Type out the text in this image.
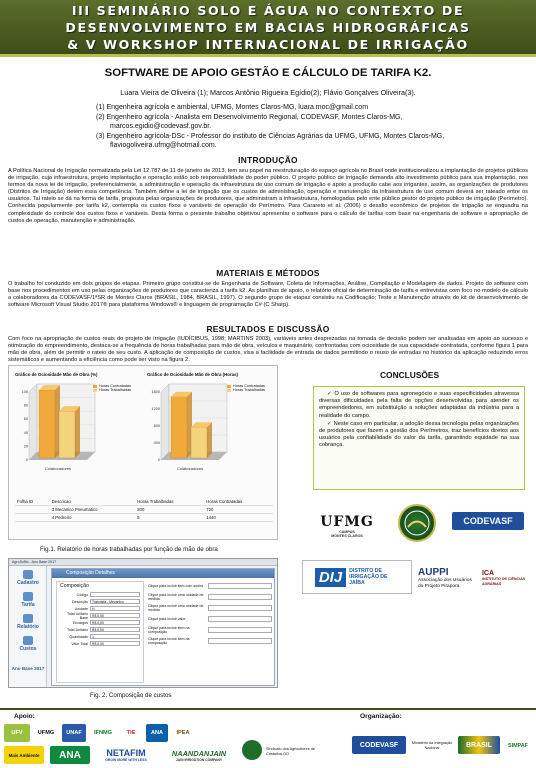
III SEMINÁRIO SOLO E ÁGUA NO CONTEXTO DE
DESENVOLVIMENTO EM BACIAS HIDROGRÁFICAS
& V WORKSHOP INTERNACIONAL DE IRRIGAÇÃO
SOFTWARE DE APOIO GESTÃO E CÁLCULO DE TARIFA K2.
Luara Vieira de Oliveira (1); Marcos Antônio Rigueira Egídio(2); Flávio Gonçalves Oliveira(3).

(1) Engenheira agrícola e ambiental, UFMG, Montes Claros-MG, luara.moc@gmail.com

(2) Engenheiro agrícola - Analista em Desenvolvimento Regional, CODEVASF, Montes Claros-MG,

marcos.egidio@codevasf.gov.br.

(3) Engenheiro agrícola-DSc - Professor do instituto de Ciências Agrárias da UFMG, UFMG, Montes Claros-MG,

flaviogoliveira.ufmg@hotmail.com.

INTRODUÇÃO
A Política Nacional de Irrigação normatizada pela Lei 12.787 de 11 de janeiro de 2013, tem seu papel na reestruturação do espaço agrícola no Brasil onde institucionalizou a implantação de projetos públicos de irrigação, cuja infraestrutura, projeto implantação e operação estão sob responsabilidade do poder público. O projeto público de irrigação demanda alto investimento público para sua implantação, nos termos da nova lei de irrigação, preferencialmente, a administração e operação da infraestrutura de uso comum de irrigação e apoio a produção cabe aos irrigantes, assim, as organizações de produtores (Distritos de Irrigação) detém essa competência. Também define a lei de irrigação que os custos de administração, operação e manutenção da infraestrutura de uso comum deverá ser rateado entre os usuários. Tal rateio se dá na forma de tarifa, proposta pelas organizações de produtores, que administram a infraestrutura, homologadas pelo ente público gestor do projeto público de irrigação (Perímetro). Conhecida popularmente por tarifa k2, contempla os custos fixos e variáveis de operação do Perímetro. Para Carareto et al. (2006) o desafio econômico de projetos de irrigação se enquadra na complexidade do controle dos custos fixos e variáveis. Desta forma o presente trabalho objetivou apresentar o software para o cálculo de tarifas com base na engenharia de software e apropriação de custos de operação, manutenção e administração.
MATERIAIS E MÉTODOS
O trabalho foi conduzido em dois grupos de etapas. Primeiro grupo constitui-se de Engenharia de Software, Coleta de Informações, Análise, Compilação e Modelagem de dados. Projeto do software com base nos procedimentos em uso pelas organizações de produtores que caracteriza a tarifa k2. As planilhas de apoio, o relatório oficial de determinação de tarifa e entrevistas com foco no modelo de cálculo a colaboradores da CODEVASF/1ªSR de Montes Claros (BRASIL, 1984, BRASIL, 1997). O segundo grupo de etapas consistiu na Codificação; Teste e Manutenção através do kit de desenvolvimento de software Microsoft Visual Studio 2017® para plataforma Windows® e linguagem de programação C# (C Sharp).
RESULTADOS E DISCUSSÃO
Com foco na apropriação de custos reais do projeto de irrigação (IUDÍCIBUS, 1998; MARTINS 2003), variáveis antes desprezadas na tomada de decisão podem ser analisadas em apoio ao sucesso e otimização do empreendimento, destaca-se a frequência de horas trabalhadas para mão de obra, veículos e maquinário, confrontadas com ociosidade de sua capacidade contratada, conforme figura 1 para mão de obra, além de permitir o rateio de seu custo. A aplicação de composição de custos, visa a facilidade de entrada de dados permitindo o reuso de entradas no histórico da aplicação reduzindo erros sistemáticos e aumentando a eficiência como pode ser visto na figura 2.
Gráfico de Ociosidade Mão de Obra (%)
100
80
60
40
20
0
Colaboradores
Horas Contratadas
Horas Trabalhadas
Gráfico de Ociosidade Mão de Obra (Horas)
1600
1200
800
400
0
Colaboradores
Horas Contratadas
Horas Trabalhadas
Folha ID	Descricao	Horas Trabalhadas	Horas Contratadas
	3 Mecanico Pneumatico	200	720
	4 Pedreiro	5	1440
Fig.1. Relatório de horas trabalhadas por função de mão de obra
AgroSoftic - Ano Base 2017
Cadastro
Tarifa
Relatório
Custos
Ano Base 2017
Composição Detalhes
Composição
Código
Descrição	Tratorista - Mecanico
Unidade	H
Total Unitário Base	R$ 0,00
Encargos	R$ 0,00
Total Unitário	R$ 0,00
Quantidade	1
Valor Total	R$ 0,00
Clique para incluir item com sonho
Clique para incluir uma unidade de medida
Clique para incluir uma unidade de medida
Clique para incluir valor
Clique para incluir item na composição
Clique para incluir item da composição
Fig. 2. Composição de custos
CONCLUSÕES

✓ O uso de softwares para agronegócio e suas especificidades atravessa diversas dificuldades pela falta de opções desenvolvidas para atender os empreendedores, em substituição a soluções adaptadas da indústria para a realidade do campo.

✓ Neste caso em particular, a adoção dessa tecnologia pelas organizações de produtores que fazem a gestão dos Perímetros, traz benefícios diretos aos usuários pela confiabilidade do valor da tarifa, garantindo equidade na sua cobrança.

UFMG
CAMPUS
MONTES CLAROS
CODEVASF
DIJ	DISTRITO DE IRRIGAÇÃO DE JAÍBA
AUPPI
Associação dos Usuários do Projeto Pirapora
ICA
INSTITUTO DE CIÊNCIAS AGRÁRIAS
Apoio:	Organização:
UFV	UFMG	UNAF	IFNMG	TIE	ANA	IPEA
Mais Ambiente	ANA	NETAFIM
GROW MORE WITH LESS
NAANDANJAIN
JAIN IRRIGATION COMPANY
Sindicato dos Agricultores de Cristalina-GO
CODEVASF	Ministério da Integração Nacional	BRASIL	SIMPAF
